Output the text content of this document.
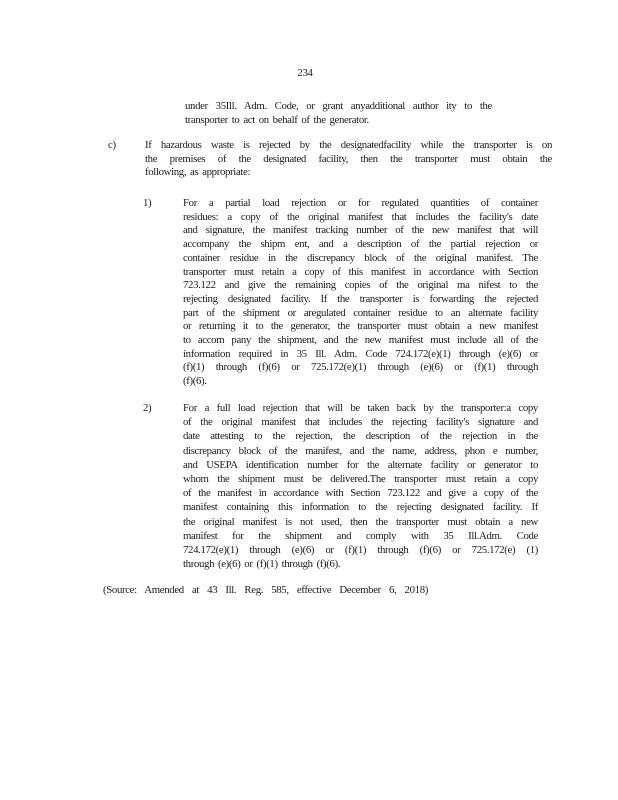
234
under 35Ill. Adm. Code, or grant anyadditional author ity to the
transporter to act on behalf of the generator.
c)	If hazardous waste is rejected by the designatedfacility while the transporter is on
the premises of the designated facility, then the transporter must obtain the
following, as appropriate:
1)	For a partial load rejection or for regulated quantities of container
residues: a copy of the original manifest that includes the facility's date
and signature, the manifest tracking number of the new manifest that will
accompany the shipm ent, and a description of the partial rejection or
container residue in the discrepancy block of the original manifest. The
transporter must retain a copy of this manifest in accordance with Section
723.122 and give the remaining copies of the original ma nifest to the
rejecting designated facility. If the transporter is forwarding the rejected
part of the shipment or aregulated container residue to an alternate facility
or returning it to the generator, the transporter must obtain a new manifest
to accom pany the shipment, and the new manifest must include all of the
information required in 35 Ill. Adm. Code 724.172(e)(1) through (e)(6) or
(f)(1) through (f)(6) or 725.172(e)(1) through (e)(6) or (f)(1) through
(f)(6).
2)	For a full load rejection that will be taken back by the transporter:a copy
of the original manifest that includes the rejecting facility's signature and
date attesting to the rejection, the description of the rejection in the
discrepancy block of the manifest, and the name, address, phon e number,
and USEPA identification number for the alternate facility or generator to
whom the shipment must be delivered.The transporter must retain a copy
of the manifest in accordance with Section 723.122 and give a copy of the
manifest containing this information to the rejecting designated facility. If
the original manifest is not used, then the transporter must obtain a new
manifest for the shipment and comply with 35 Ill.Adm. Code
724.172(e)(1) through (e)(6) or (f)(1) through (f)(6) or 725.172(e) (1)
through (e)(6) or (f)(1) through (f)(6).
(Source: Amended at 43 Ill. Reg. 585, effective December 6, 2018)
